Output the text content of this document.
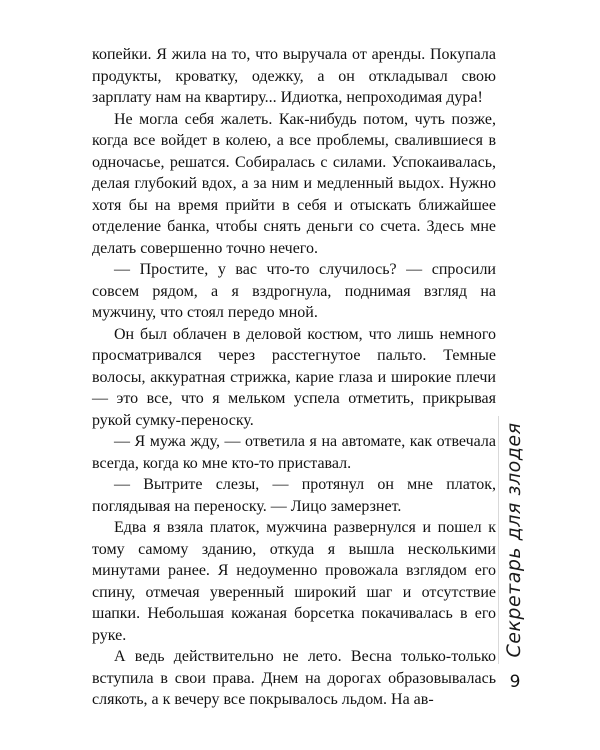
копейки. Я жила на то, что выручала от аренды. Покупала продукты, кроватку, одежку, а он откладывал свою зарплату нам на квартиру... Идиотка, непроходимая дура!

Не могла себя жалеть. Как-нибудь потом, чуть позже, когда все войдет в колею, а все проблемы, свалившиеся в одночасье, решатся. Собиралась с силами. Успокаивалась, делая глубокий вдох, а за ним и медленный выдох. Нужно хотя бы на время прийти в себя и отыскать ближайшее отделение банка, чтобы снять деньги со счета. Здесь мне делать совершенно точно нечего.

— Простите, у вас что-то случилось? — спросили совсем рядом, а я вздрогнула, поднимая взгляд на мужчину, что стоял передо мной.

Он был облачен в деловой костюм, что лишь немного просматривался через расстегнутое пальто. Темные волосы, аккуратная стрижка, карие глаза и широкие плечи — это все, что я мельком успела отметить, прикрывая рукой сумку-переноску.

— Я мужа жду, — ответила я на автомате, как отвечала всегда, когда ко мне кто-то приставал.

— Вытрите слезы, — протянул он мне платок, поглядывая на переноску. — Лицо замерзнет.

Едва я взяла платок, мужчина развернулся и пошел к тому самому зданию, откуда я вышла несколькими минутами ранее. Я недоуменно провожала взглядом его спину, отмечая уверенный широкий шаг и отсутствие шапки. Небольшая кожаная борсетка покачивалась в его руке.

А ведь действительно не лето. Весна только-только вступила в свои права. Днем на дорогах образовывалась слякоть, а к вечеру все покрывалось льдом. На ав-

Секретарь для злодея
9
